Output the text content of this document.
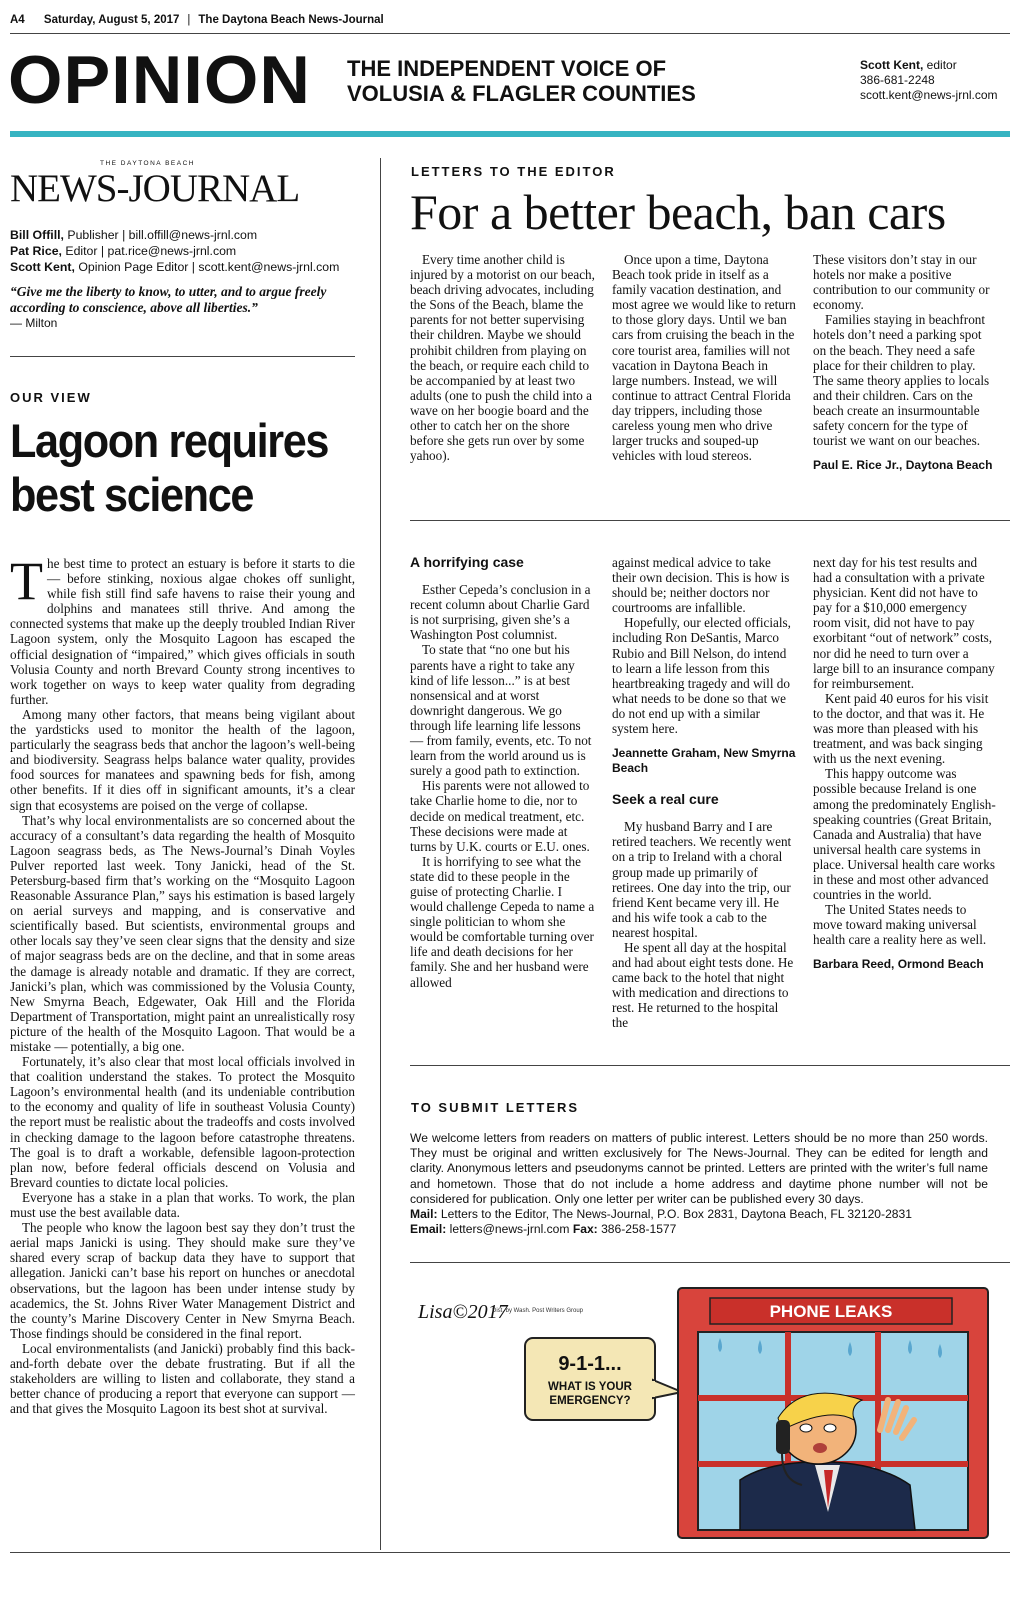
A4 Saturday, August 5, 2017 | The Daytona Beach News-Journal
OPINION THE INDEPENDENT VOICE OF
VOLUSIA & FLAGLER COUNTIES
Scott Kent, editor
386-681-2248
scott.kent@news-jrnl.com
THE DAYTONA BEACH
NEWS-JOURNAL
Bill Offill, Publisher | bill.offill@news-jrnl.com
Pat Rice, Editor | pat.rice@news-jrnl.com
Scott Kent, Opinion Page Editor | scott.kent@news-jrnl.com
“Give me the liberty to know, to utter, and to argue freely according to conscience, above all liberties.”
— Milton
OUR VIEW
Lagoon requires
best science

The best time to protect an estuary is before it starts to die — before stinking, noxious algae chokes off sunlight, while fish still find safe havens to raise their young and dolphins and manatees still thrive. And among the connected systems that make up the deeply troubled Indian River Lagoon system, only the Mosquito Lagoon has escaped the official designation of “impaired,” which gives officials in south Volusia County and north Brevard County strong incentives to work together on ways to keep water quality from degrading further.

Among many other factors, that means being vigilant about the yardsticks used to monitor the health of the lagoon, particularly the seagrass beds that anchor the lagoon’s well-being and biodiversity. Seagrass helps balance water quality, provides food sources for manatees and spawning beds for fish, among other benefits. If it dies off in significant amounts, it’s a clear sign that ecosystems are poised on the verge of collapse.

That’s why local environmentalists are so concerned about the accuracy of a consultant’s data regarding the health of Mosquito Lagoon seagrass beds, as The News-Journal’s Dinah Voyles Pulver reported last week. Tony Janicki, head of the St. Petersburg-based firm that’s working on the “Mosquito Lagoon Reasonable Assurance Plan,” says his estimation is based largely on aerial surveys and mapping, and is conservative and scientifically based. But scientists, environmental groups and other locals say they’ve seen clear signs that the density and size of major seagrass beds are on the decline, and that in some areas the damage is already notable and dramatic. If they are correct, Janicki’s plan, which was commissioned by the Volusia County, New Smyrna Beach, Edgewater, Oak Hill and the Florida Department of Transportation, might paint an unrealistically rosy picture of the health of the Mosquito Lagoon. That would be a mistake — potentially, a big one.

Fortunately, it’s also clear that most local officials involved in that coalition understand the stakes. To protect the Mosquito Lagoon’s environmental health (and its undeniable contribution to the economy and quality of life in southeast Volusia County) the report must be realistic about the tradeoffs and costs involved in checking damage to the lagoon before catastrophe threatens. The goal is to draft a workable, defensible lagoon-protection plan now, before federal officials descend on Volusia and Brevard counties to dictate local policies.

Everyone has a stake in a plan that works. To work, the plan must use the best available data.

The people who know the lagoon best say they don’t trust the aerial maps Janicki is using. They should make sure they’ve shared every scrap of backup data they have to support that allegation. Janicki can’t base his report on hunches or anecdotal observations, but the lagoon has been under intense study by academics, the St. Johns River Water Management District and the county’s Marine Discovery Center in New Smyrna Beach. Those findings should be considered in the final report.

Local environmentalists (and Janicki) probably find this back-and-forth debate over the debate frustrating. But if all the stakeholders are willing to listen and collaborate, they stand a better chance of producing a report that everyone can support — and that gives the Mosquito Lagoon its best shot at survival.

LETTERS TO THE EDITOR
For a better beach, ban cars

Every time another child is injured by a motorist on our beach, beach driving advocates, including the Sons of the Beach, blame the parents for not better supervising their children. Maybe we should prohibit children from playing on the beach, or require each child to be accompanied by at least two adults (one to push the child into a wave on her boogie board and the other to catch her on the shore before she gets run over by some yahoo).

Once upon a time, Daytona Beach took pride in itself as a family vacation destination, and most agree we would like to return to those glory days. Until we ban cars from cruising the beach in the core tourist area, families will not vacation in Daytona Beach in large numbers. Instead, we will continue to attract Central Florida day trippers, including those careless young men who drive larger trucks and souped-up vehicles with loud stereos.

These visitors don’t stay in our hotels nor make a positive contribution to our community or economy.

Families staying in beachfront hotels don’t need a parking spot on the beach. They need a safe place for their children to play. The same theory applies to locals and their children. Cars on the beach create an insurmountable safety concern for the type of tourist we want on our beaches.

Paul E. Rice Jr., Daytona Beach
A horrifying case

Esther Cepeda’s conclusion in a recent column about Charlie Gard is not surprising, given she’s a Washington Post columnist.

To state that “no one but his parents have a right to take any kind of life lesson...” is at best nonsensical and at worst downright dangerous. We go through life learning life lessons — from family, events, etc. To not learn from the world around us is surely a good path to extinction.

His parents were not allowed to take Charlie home to die, nor to decide on medical treatment, etc. These decisions were made at turns by U.K. courts or E.U. ones.

It is horrifying to see what the state did to these people in the guise of protecting Charlie. I would challenge Cepeda to name a single politician to whom she would be comfortable turning over life and death decisions for her family. She and her husband were allowed

against medical advice to take their own decision. This is how is should be; neither doctors nor courtrooms are infallible.

Hopefully, our elected officials, including Ron DeSantis, Marco Rubio and Bill Nelson, do intend to learn a life lesson from this heartbreaking tragedy and will do what needs to be done so that we do not end up with a similar system here.

Jeannette Graham, New Smyrna Beach
Seek a real cure

My husband Barry and I are retired teachers. We recently went on a trip to Ireland with a choral group made up primarily of retirees. One day into the trip, our friend Kent became very ill. He and his wife took a cab to the nearest hospital.

He spent all day at the hospital and had about eight tests done. He came back to the hotel that night with medication and directions to rest. He returned to the hospital the

next day for his test results and had a consultation with a private physician. Kent did not have to pay for a $10,000 emergency room visit, did not have to pay exorbitant “out of network” costs, nor did he need to turn over a large bill to an insurance company for reimbursement.

Kent paid 40 euros for his visit to the doctor, and that was it. He was more than pleased with his treatment, and was back singing with us the next evening.

This happy outcome was possible because Ireland is one among the predominately English-speaking countries (Great Britain, Canada and Australia) that have universal health care systems in place. Universal health care works in these and most other advanced countries in the world.

The United States needs to move toward making universal health care a reality here as well.

Barbara Reed, Ormond Beach
TO SUBMIT LETTERS
We welcome letters from readers on matters of public interest. Letters should be no more than 250 words. They must be original and written exclusively for The News-Journal. They can be edited for length and clarity. Anonymous letters and pseudonyms cannot be printed. Letters are printed with the writer’s full name and hometown. Those that do not include a home address and daytime phone number will not be considered for publication. Only one letter per writer can be published every 30 days.
Mail: Letters to the Editor, The News-Journal, P.O. Box 2831, Daytona Beach, FL 32120-2831
Email: letters@news-jrnl.com Fax: 386-258-1577
Lisa©2017
Dist. by Wash. Post Writers Group
9-1-1...
WHAT IS YOUR
EMERGENCY?
PHONE LEAKS
